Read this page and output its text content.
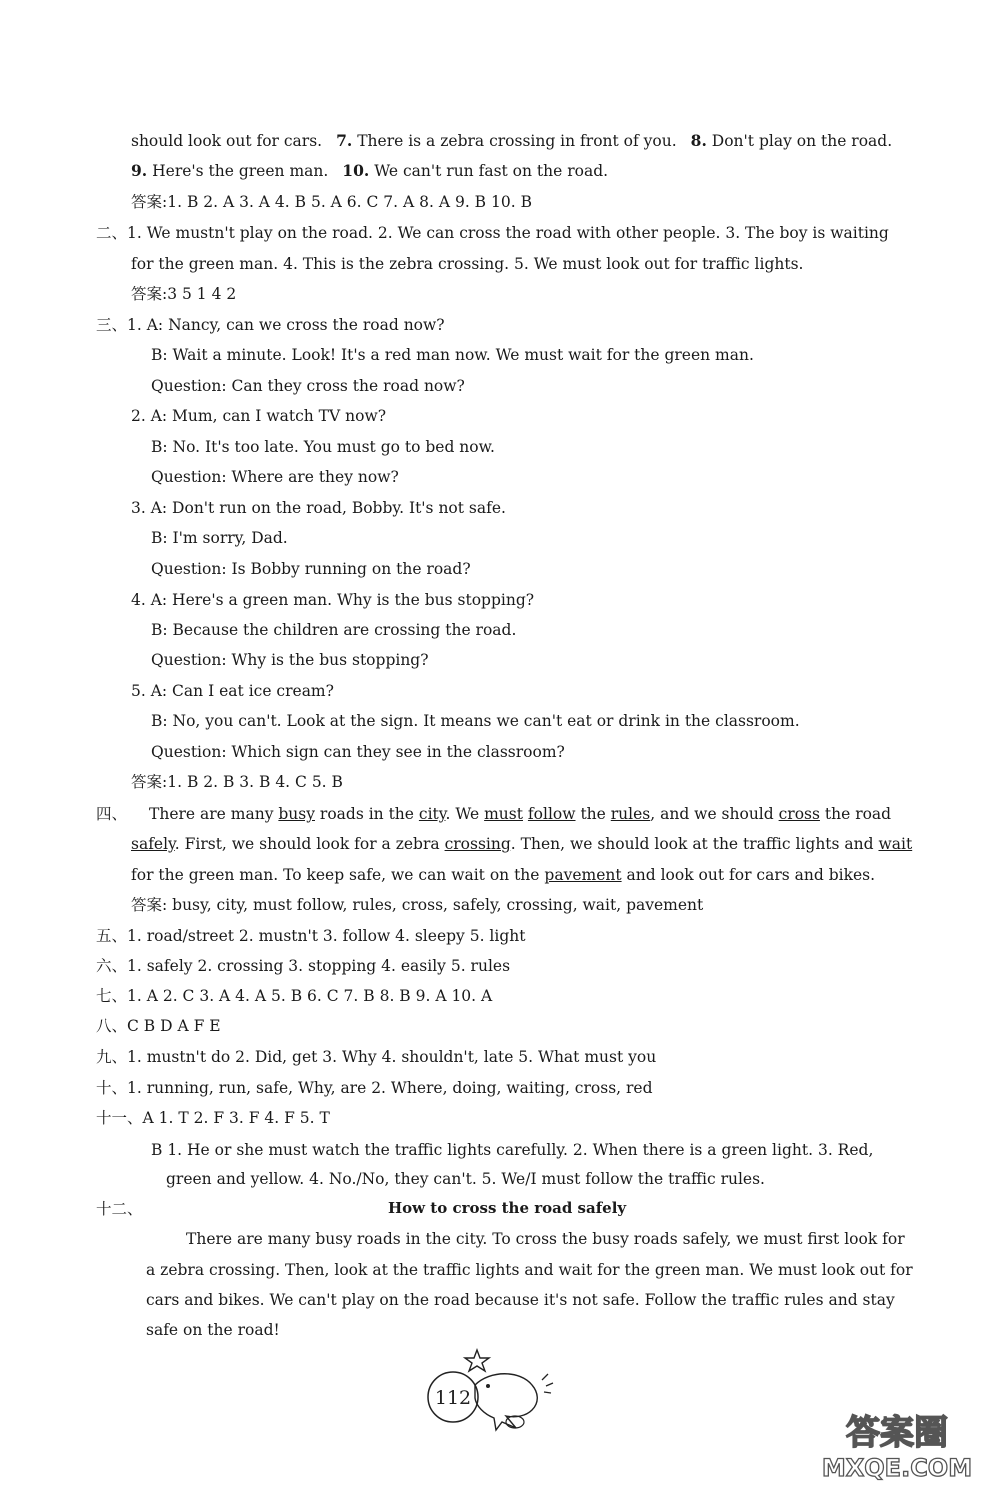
should look out for cars. 7. There is a zebra crossing in front of you. 8. Don't play on the road.
9. Here's the green man. 10. We can't run fast on the road.
答案:1. B 2. A 3. A 4. B 5. A 6. C 7. A 8. A 9. B 10. B
二、1. We mustn't play on the road. 2. We can cross the road with other people. 3. The boy is waiting
for the green man. 4. This is the zebra crossing. 5. We must look out for traffic lights.
答案:3 5 1 4 2
三、1. A: Nancy, can we cross the road now?
B: Wait a minute. Look! It's a red man now. We must wait for the green man.
Question: Can they cross the road now?
2. A: Mum, can I watch TV now?
B: No. It's too late. You must go to bed now.
Question: Where are they now?
3. A: Don't run on the road, Bobby. It's not safe.
B: I'm sorry, Dad.
Question: Is Bobby running on the road?
4. A: Here's a green man. Why is the bus stopping?
B: Because the children are crossing the road.
Question: Why is the bus stopping?
5. A: Can I eat ice cream?
B: No, you can't. Look at the sign. It means we can't eat or drink in the classroom.
Question: Which sign can they see in the classroom?
答案:1. B 2. B 3. B 4. C 5. B
四、 There are many busy roads in the city. We must follow the rules, and we should cross the road
safely. First, we should look for a zebra crossing. Then, we should look at the traffic lights and wait
for the green man. To keep safe, we can wait on the pavement and look out for cars and bikes.
答案: busy, city, must follow, rules, cross, safely, crossing, wait, pavement
五、1. road/street 2. mustn't 3. follow 4. sleepy 5. light
六、1. safely 2. crossing 3. stopping 4. easily 5. rules
七、1. A 2. C 3. A 4. A 5. B 6. C 7. B 8. B 9. A 10. A
八、C B D A F E
九、1. mustn't do 2. Did, get 3. Why 4. shouldn't, late 5. What must you
十、1. running, run, safe, Why, are 2. Where, doing, waiting, cross, red
十一、A 1. T 2. F 3. F 4. F 5. T
B 1. He or she must watch the traffic lights carefully. 2. When there is a green light. 3. Red,
green and yellow. 4. No./No, they can't. 5. We/I must follow the traffic rules.
十二、	How to cross the road safely
There are many busy roads in the city. To cross the busy roads safely, we must first look for
a zebra crossing. Then, look at the traffic lights and wait for the green man. We must look out for
cars and bikes. We can't play on the road because it's not safe. Follow the traffic rules and stay
safe on the road!
112
答案圈
MXQE.COM
